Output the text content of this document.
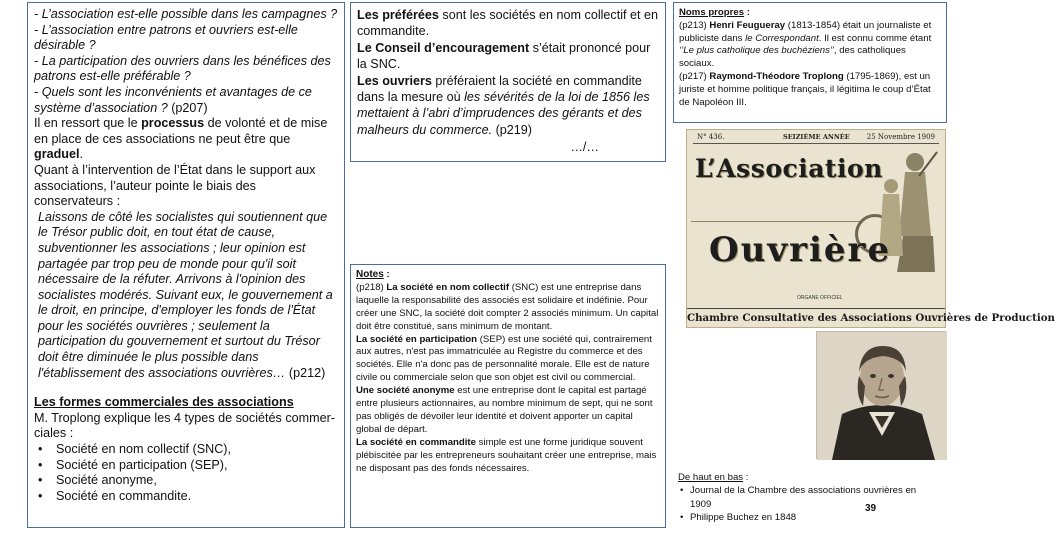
- L’association est-elle possible dans les campagnes ?
- L’association entre patrons et ouvriers est-elle désirable ?
- La participation des ouvriers dans les bénéfices des patrons est-elle préférable ?
- Quels sont les inconvénients et avantages de ce système d’association ? (p207)
Il en ressort que le processus de volonté et de mise en place de ces associations ne peut être que graduel.
Quant à l’intervention de l’État dans le support aux associations, l’auteur pointe le biais des conservateurs :
Laissons de côté les socialistes qui soutiennent que le Trésor public doit, en tout état de cause, subventionner les associations ; leur opinion est partagée par trop peu de monde pour qu'il soit nécessaire de la réfuter. Arrivons à l'opinion des socialistes modérés. Suivant eux, le gouvernement a le droit, en principe, d'employer les fonds de l'État pour les sociétés ouvrières ; seulement la participation du gouvernement et surtout du Trésor doit être diminuée le plus possible dans l'établissement des associations ouvrières… (p212)
Les formes commerciales des associations
M. Troplong explique les 4 types de sociétés commer-ciales :
• Société en nom collectif (SNC),
• Société en participation (SEP),
• Société anonyme,
• Société en commandite.

Les préférées sont les sociétés en nom collectif et en commandite.

Le Conseil d’encouragement s’était prononcé pour la SNC.

Les ouvriers préféraient la société en commandite dans la mesure où les sévérités de la loi de 1856 les mettaient à l’abri d’imprudences des gérants et des malheurs du commerce. (p219)

…/…
Notes :

(p218) La société en nom collectif (SNC) est une entreprise dans laquelle la responsabilité des associés est solidaire et indéfinie. Pour créer une SNC, la société doit compter 2 associés minimum. Un capital doit être constitué, sans minimum de montant.

La société en participation (SEP) est une société qui, contrairement aux autres, n'est pas immatriculée au Registre du commerce et des sociétés. Elle n'a donc pas de personnalité morale. Elle est de nature civile ou commerciale selon que son objet est civil ou commercial.

Une société anonyme est une entreprise dont le capital est partagé entre plusieurs actionnaires, au nombre minimum de sept, qui ne sont pas obligés de dévoiler leur identité et doivent apporter un capital global de départ.

La société en commandite simple est une forme juridique souvent plébiscitée par les entrepreneurs souhaitant créer une entreprise, mais ne disposant pas des fonds nécessaires.

Noms propres :
(p213) Henri Feugueray (1813-1854) était un journaliste et publiciste dans le Correspondant. Il est connu comme étant ‘’Le plus catholique des buchéziens’’, des catholiques sociaux.
(p217) Raymond-Théodore Troplong (1795-1869), est un juriste et homme politique français, il légitima le coup d’État de Napoléon III.
N° 436.	SEIZIÈME ANNÉE 25 Novembre 1909
L’Association
Ouvrière
ORGANE OFFICIEL
Chambre Consultative des Associations Ouvrières de Production
De haut en bas :
• Journal de la Chambre des associations ouvrières en 1909
• Philippe Buchez en 1848
39
